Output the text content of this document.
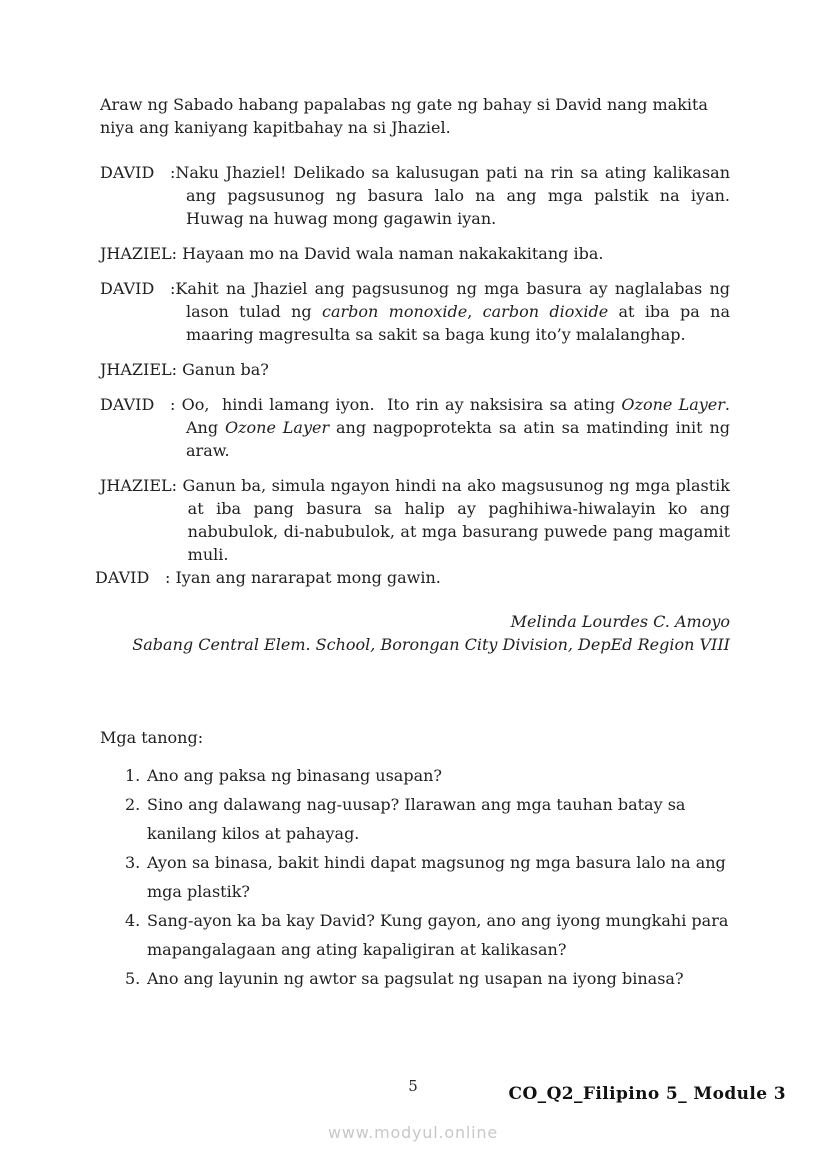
Araw ng Sabado habang papalabas ng gate ng bahay si David nang makita niya ang kaniyang kapitbahay na si Jhaziel.

DAVID :Naku Jhaziel! Delikado sa kalusugan pati na rin sa ating kalikasan ang pagsusunog ng basura lalo na ang mga palstik na iyan. Huwag na huwag mong gagawin iyan.
JHAZIEL : Hayaan mo na David wala naman nakakakitang iba.
DAVID :Kahit na Jhaziel ang pagsusunog ng mga basura ay naglalabas ng lason tulad ng carbon monoxide, carbon dioxide at iba pa na maaring magresulta sa sakit sa baga kung ito’y malalanghap.
JHAZIEL : Ganun ba?
DAVID : Oo,  hindi lamang iyon.  Ito rin ay naksisira sa ating Ozone Layer. Ang Ozone Layer ang nagpoprotekta sa atin sa matinding init ng araw.
JHAZIEL : Ganun ba, simula ngayon hindi na ako magsusunog ng mga plastik at iba pang basura sa halip ay paghihiwa-hiwalayin ko ang nabubulok, di-nabubulok, at mga basurang puwede pang magamit muli.
DAVID : Iyan ang nararapat mong gawin.
Melinda Lourdes C. Amoyo
Sabang Central Elem. School, Borongan City Division, DepEd Region VIII

Mga tanong:

1. Ano ang paksa ng binasang usapan?
2. Sino ang dalawang nag-uusap? Ilarawan ang mga tauhan batay sa kanilang kilos at pahayag.
3. Ayon sa binasa, bakit hindi dapat magsunog ng mga basura lalo na ang mga plastik?
4. Sang-ayon ka ba kay David? Kung gayon, ano ang iyong mungkahi para mapangalagaan ang ating kapaligiran at kalikasan?
5. Ano ang layunin ng awtor sa pagsulat ng usapan na iyong binasa?
5	CO_Q2_Filipino 5_ Module 3
www.modyul.online
